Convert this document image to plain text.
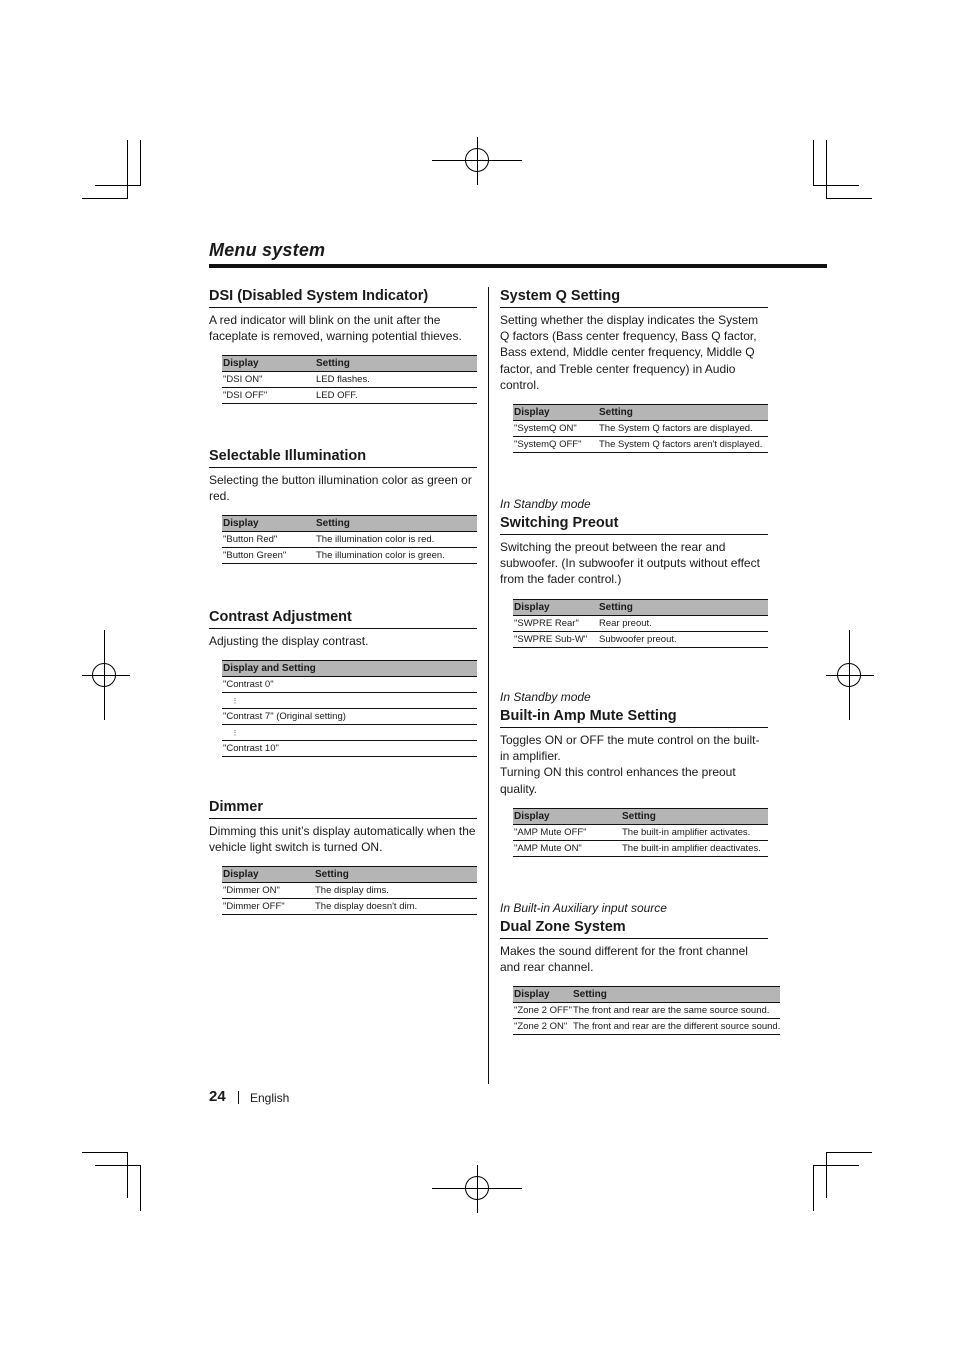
Menu system
DSI (Disabled System Indicator)

A red indicator will blink on the unit after the faceplate is removed, warning potential thieves.

Display	Setting
"DSI ON"	LED flashes.
"DSI OFF"	LED OFF.
Selectable Illumination

Selecting the button illumination color as green or red.

Display	Setting
"Button Red"	The illumination color is red.
"Button Green"	The illumination color is green.
Contrast Adjustment

Adjusting the display contrast.

Display and Setting
"Contrast 0"

⋮

"Contrast 7" (Original setting)

⋮

"Contrast 10"
Dimmer

Dimming this unit’s display automatically when the vehicle light switch is turned ON.

Display	Setting
"Dimmer ON"	The display dims.
"Dimmer OFF"	The display doesn't dim.
System Q Setting

Setting whether the display indicates the System Q factors (Bass center frequency, Bass Q factor, Bass extend, Middle center frequency, Middle Q factor, and Treble center frequency) in Audio control.

Display	Setting
"SystemQ ON"	The System Q factors are displayed.
"SystemQ OFF"	The System Q factors aren't displayed.

In Standby mode

Switching Preout

Switching the preout between the rear and subwoofer. (In subwoofer it outputs without effect from the fader control.)

Display	Setting
"SWPRE Rear"	Rear preout.
"SWPRE Sub-W"	Subwoofer preout.

In Standby mode

Built-in Amp Mute Setting

Toggles ON or OFF the mute control on the built-in amplifier.

Turning ON this control enhances the preout quality.

Display	Setting
"AMP Mute OFF"	The built-in amplifier activates.
"AMP Mute ON"	The built-in amplifier deactivates.

In Built-in Auxiliary input source

Dual Zone System

Makes the sound different for the front channel and rear channel.

Display	Setting
"Zone 2 OFF"	The front and rear are the same source sound.
"Zone 2 ON"	The front and rear are the different source sound.
24 English
